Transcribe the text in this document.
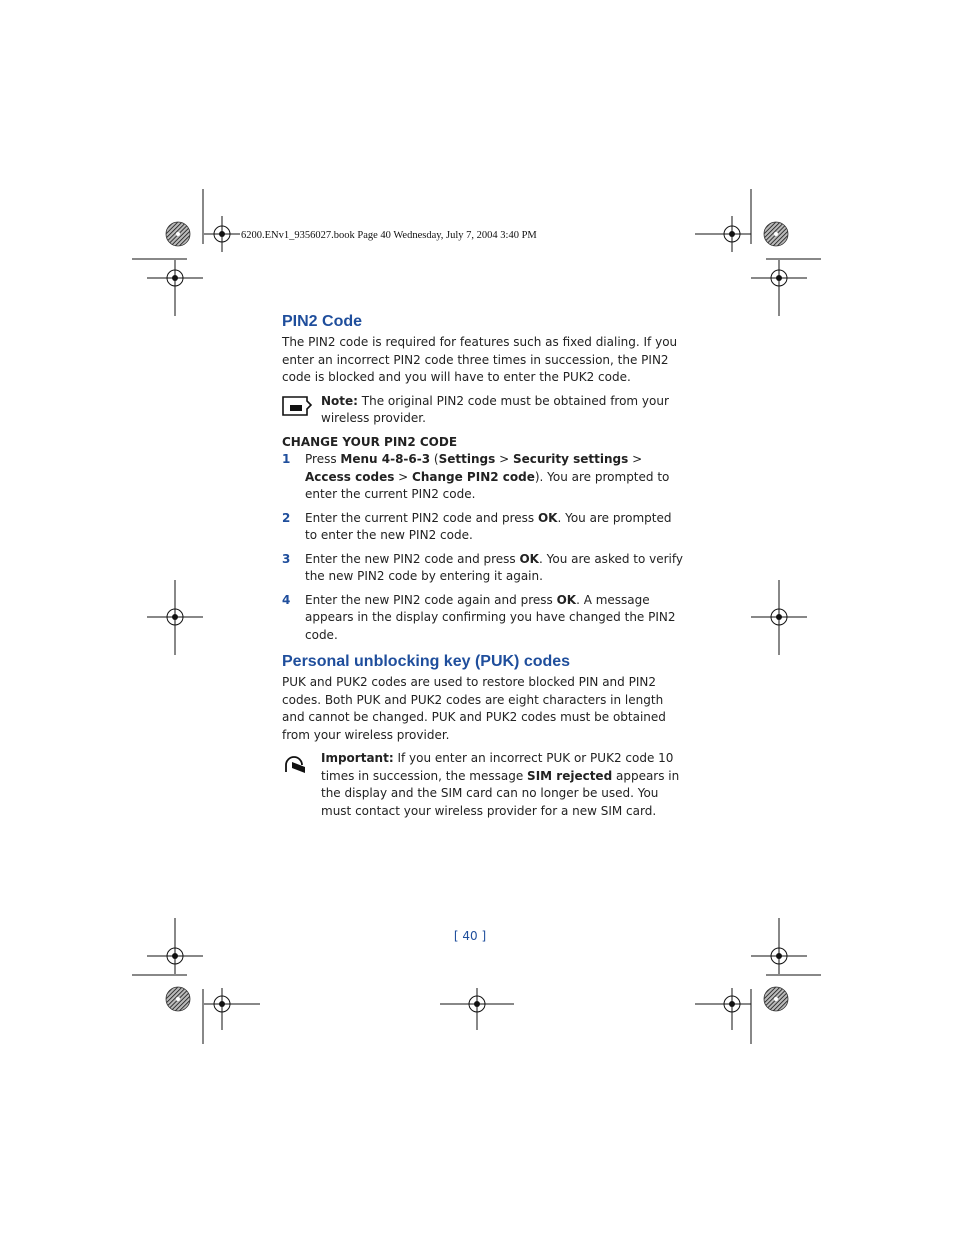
6200.ENv1_9356027.book Page 40 Wednesday, July 7, 2004 3:40 PM
PIN2 Code

The PIN2 code is required for features such as fixed dialing. If you enter an incorrect PIN2 code three times in succession, the PIN2 code is blocked and you will have to enter the PUK2 code.

Note: The original PIN2 code must be obtained from your wireless provider.

CHANGE YOUR PIN2 CODE

1 Press Menu 4-8-6-3 (Settings > Security settings > Access codes > Change PIN2 code). You are prompted to enter the current PIN2 code.
2 Enter the current PIN2 code and press OK. You are prompted to enter the new PIN2 code.
3 Enter the new PIN2 code and press OK. You are asked to verify the new PIN2 code by entering it again.
4 Enter the new PIN2 code again and press OK. A message appears in the display confirming you have changed the PIN2 code.
Personal unblocking key (PUK) codes

PUK and PUK2 codes are used to restore blocked PIN and PIN2 codes. Both PUK and PUK2 codes are eight characters in length and cannot be changed. PUK and PUK2 codes must be obtained from your wireless provider.

Important: If you enter an incorrect PUK or PUK2 code 10 times in succession, the message SIM rejected appears in the display and the SIM card can no longer be used. You must contact your wireless provider for a new SIM card.

[ 40 ]
